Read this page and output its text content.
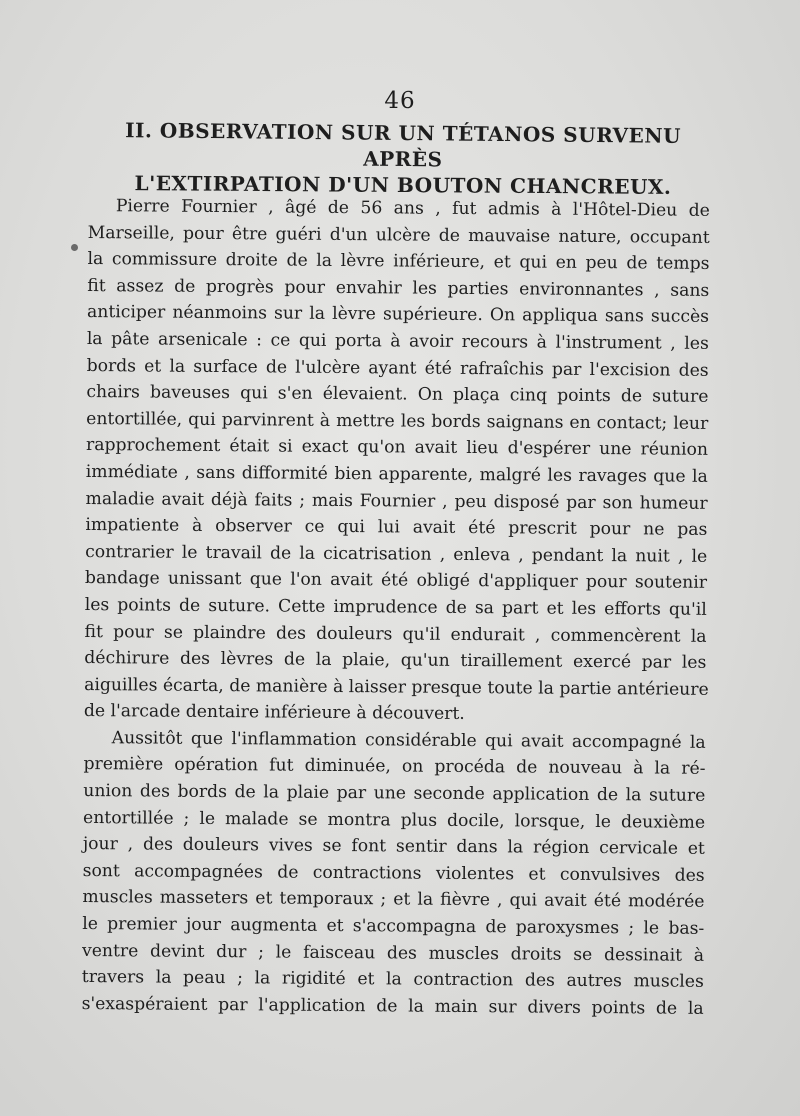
46
II. OBSERVATION SUR UN TÉTANOS SURVENU APRÈS
L'EXTIRPATION D'UN BOUTON CHANCREUX.
Pierre Fournier , âgé de 56 ans , fut admis à l'Hôtel-Dieu de
Marseille, pour être guéri d'un ulcère de mauvaise nature, occupant
la commissure droite de la lèvre inférieure, et qui en peu de temps
fit assez de progrès pour envahir les parties environnantes , sans
anticiper néanmoins sur la lèvre supérieure. On appliqua sans succès
la pâte arsenicale : ce qui porta à avoir recours à l'instrument , les
bords et la surface de l'ulcère ayant été rafraîchis par l'excision des
chairs baveuses qui s'en élevaient. On plaça cinq points de suture
entortillée, qui parvinrent à mettre les bords saignans en contact; leur
rapprochement était si exact qu'on avait lieu d'espérer une réunion
immédiate , sans difformité bien apparente, malgré les ravages que la
maladie avait déjà faits ; mais Fournier , peu disposé par son humeur
impatiente à observer ce qui lui avait été prescrit pour ne pas
contrarier le travail de la cicatrisation , enleva , pendant la nuit , le
bandage unissant que l'on avait été obligé d'appliquer pour soutenir
les points de suture. Cette imprudence de sa part et les efforts qu'il
fit pour se plaindre des douleurs qu'il endurait , commencèrent la
déchirure des lèvres de la plaie, qu'un tiraillement exercé par les
aiguilles écarta, de manière à laisser presque toute la partie antérieure
de l'arcade dentaire inférieure à découvert.
Aussitôt que l'inflammation considérable qui avait accompagné la
première opération fut diminuée, on procéda de nouveau à la ré-
union des bords de la plaie par une seconde application de la suture
entortillée ; le malade se montra plus docile, lorsque, le deuxième
jour , des douleurs vives se font sentir dans la région cervicale et
sont accompagnées de contractions violentes et convulsives des
muscles masseters et temporaux ; et la fièvre , qui avait été modérée
le premier jour augmenta et s'accompagna de paroxysmes ; le bas-
ventre devint dur ; le faisceau des muscles droits se dessinait à
travers la peau ; la rigidité et la contraction des autres muscles
s'exaspéraient par l'application de la main sur divers points de la
